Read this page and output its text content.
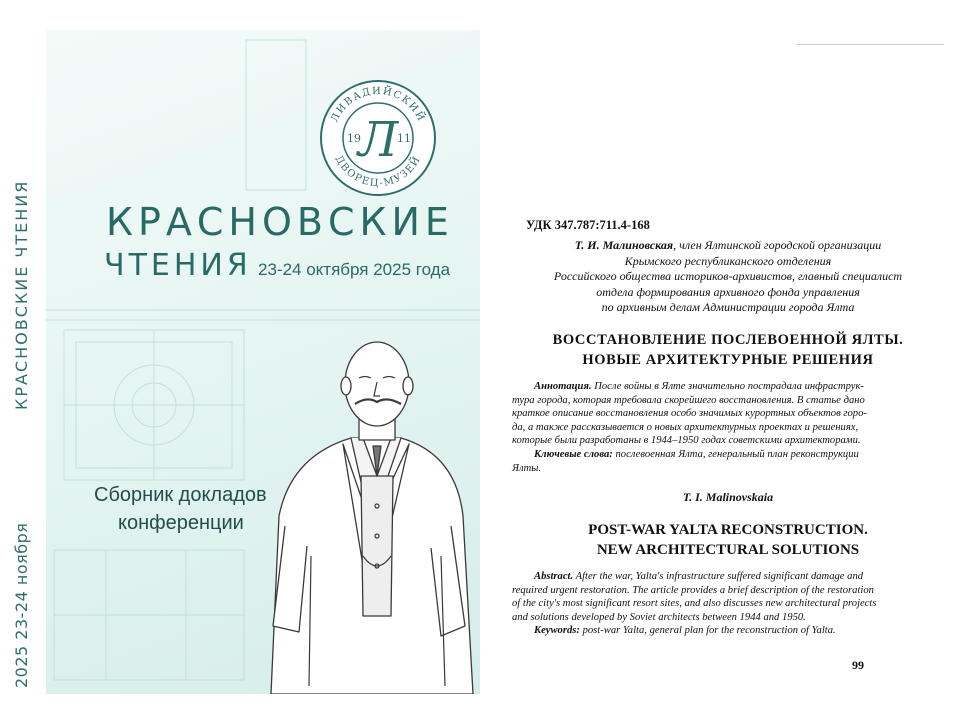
КРАСНОВСКИЕ ЧТЕНИЯ
2025 23-24 ноября
ЛИВАДИЙСКИЙ
ДВОРЕЦ-МУЗЕЙ
Л
19	11
КРАСНОВСКИЕ
ЧТЕНИЯ 23-24 октября 2025 года
Сборник докладов
конференции
УДК 347.787:711.4-168
Т. И. Малиновская, член Ялтинской городской организации
Крымского республиканского отделения
Российского общества историков-архивистов, главный специалист
отдела формирования архивного фонда управления
по архивным делам Администрации города Ялта
ВОССТАНОВЛЕНИЕ ПОСЛЕВОЕННОЙ ЯЛТЫ.
НОВЫЕ АРХИТЕКТУРНЫЕ РЕШЕНИЯ
Аннотация. После войны в Ялте значительно пострадала инфраструк-
тура города, которая требовала скорейшего восстановления. В статье дано
краткое описание восстановления особо значимых курортных объектов горо-
да, а также рассказывается о новых архитектурных проектах и решениях,
которые были разработаны в 1944–1950 годах советскими архитекторами.
Ключевые слова: послевоенная Ялта, генеральный план реконструкции
Ялты.
T. I. Malinovskaia
POST-WAR YALTA RECONSTRUCTION.
NEW ARCHITECTURAL SOLUTIONS
Abstract. After the war, Yalta's infrastructure suffered significant damage and
required urgent restoration. The article provides a brief description of the restoration
of the city's most significant resort sites, and also discusses new architectural projects
and solutions developed by Soviet architects between 1944 and 1950.
Keywords: post-war Yalta, general plan for the reconstruction of Yalta.
99
